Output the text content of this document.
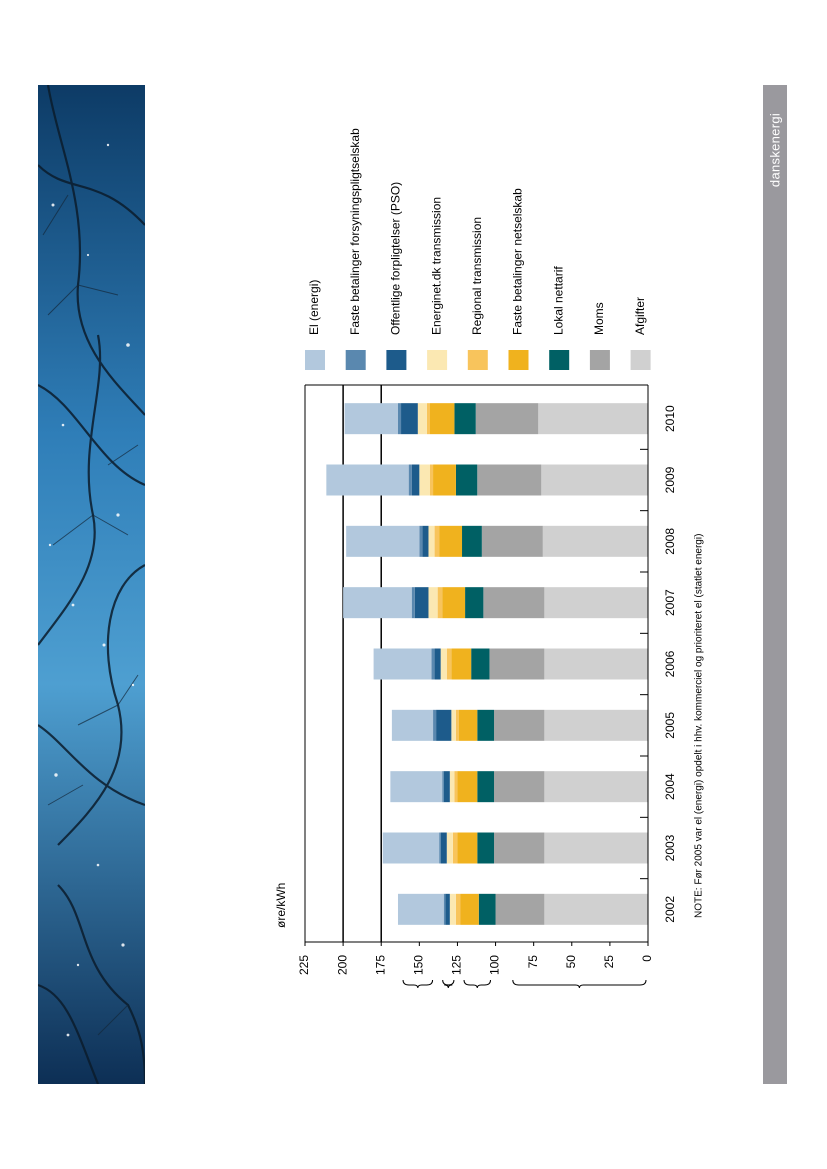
danskenergi
0
25
50
75
100
125
150
175
200
225
2002
2003
2004
2005
2006
2007
2008
2009
2010
El (energi) Faste betalinger forsyningspligtselskab Offentlige forpligtelser (PSO) Energinet.dk transmission Regional transmission Faste betalinger netselskab Lokal nettarif Moms Afgifter
øre/kWh	NOTE: Før 2005 var el (energi) opdelt i hhv. kommerciel og prioriteret el (statlet energi)
